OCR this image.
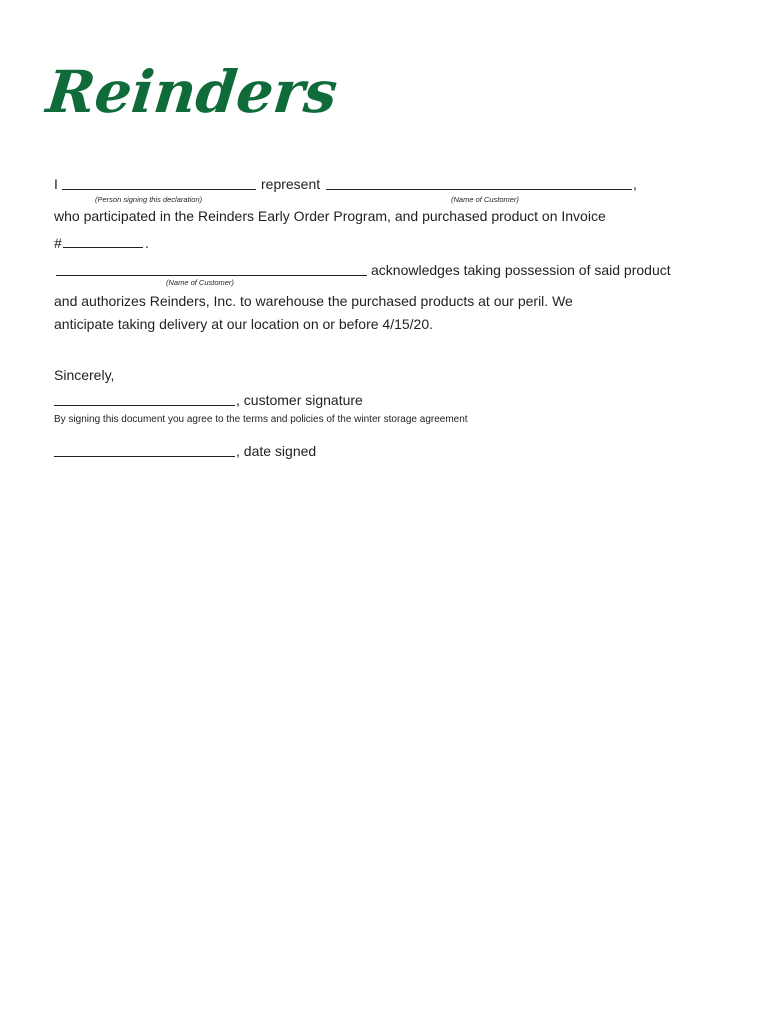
Reinders
I	represent	,
(Person signing this declaration)	(Name of Customer)
who participated in the Reinders Early Order Program, and purchased product on Invoice
#	.
acknowledges taking possession of said product
(Name of Customer)
and authorizes Reinders, Inc. to warehouse the purchased products at our peril. We
anticipate taking delivery at our location on or before 4/15/20.
Sincerely,
, customer signature
By signing this document you agree to the terms and policies of the winter storage agreement
, date signed
